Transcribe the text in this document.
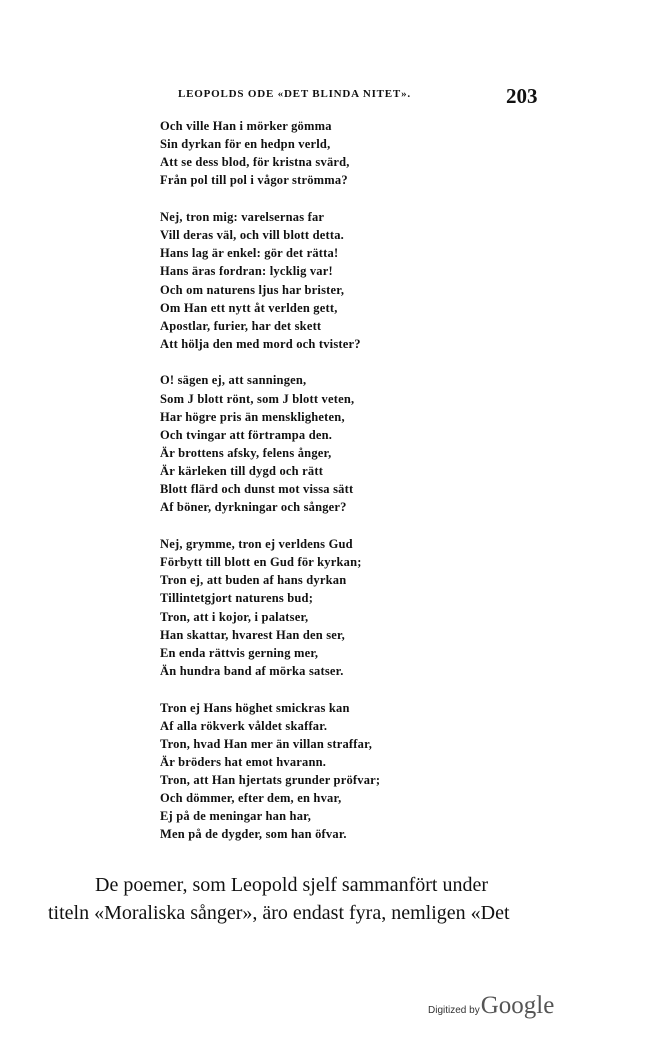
LEOPOLDS ODE «DET BLINDA NITET».	203
Och ville Han i mörker gömma
Sin dyrkan för en hedpn verld,
Att se dess blod, för kristna svärd,
Från pol till pol i vågor strömma?
Nej, tron mig: varelsernas far
Vill deras väl, och vill blott detta.
Hans lag är enkel: gör det rätta!
Hans äras fordran: lycklig var!
Och om naturens ljus har brister,
Om Han ett nytt åt verlden gett,
Apostlar, furier, har det skett
Att hölja den med mord och tvister?
O! sägen ej, att sanningen,
Som J blott rönt, som J blott veten,
Har högre pris än menskligheten,
Och tvingar att förtrampa den.
Är brottens afsky, felens ånger,
Är kärleken till dygd och rätt
Blott flärd och dunst mot vissa sätt
Af böner, dyrkningar och sånger?
Nej, grymme, tron ej verldens Gud
Förbytt till blott en Gud för kyrkan;
Tron ej, att buden af hans dyrkan
Tillintetgjort naturens bud;
Tron, att i kojor, i palatser,
Han skattar, hvarest Han den ser,
En enda rättvis gerning mer,
Än hundra band af mörka satser.
Tron ej Hans höghet smickras kan
Af alla rökverk våldet skaffar.
Tron, hvad Han mer än villan straffar,
Är bröders hat emot hvarann.
Tron, att Han hjertats grunder pröfvar;
Och dömmer, efter dem, en hvar,
Ej på de meningar han har,
Men på de dygder, som han öfvar.
De poemer, som Leopold sjelf sammanfört under
titeln «Moraliska sånger», äro endast fyra, nemligen «Det
Digitized byGoogle
